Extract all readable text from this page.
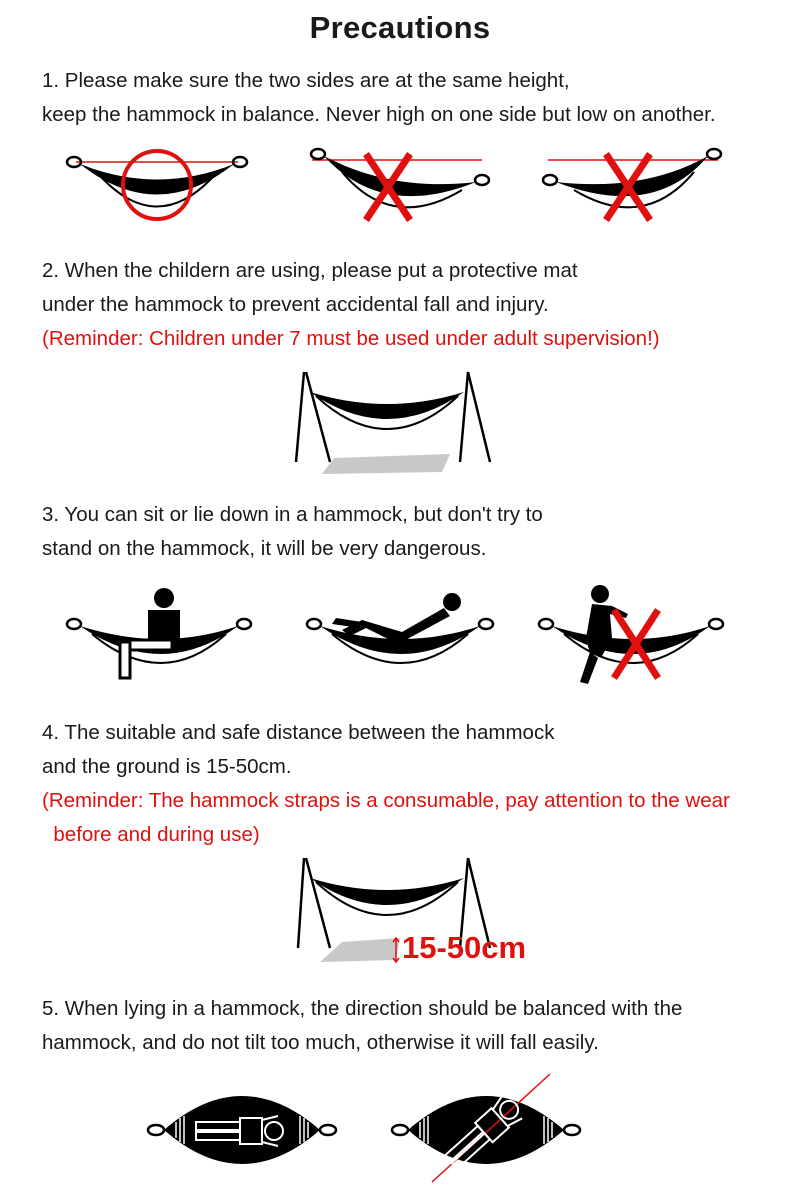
Precautions
1. Please make sure the two sides are at the same height,
keep the hammock in balance. Never high on one side but low on another.
2. When the childern are using, please put a protective mat
under the hammock to prevent accidental fall and injury.
(Reminder: Children under 7 must be used under adult supervision!)
3. You can sit or lie down in a hammock, but don't try to
stand on the hammock, it will be very dangerous.
4. The suitable and safe distance between the hammock
and the ground is 15-50cm.
(Reminder: The hammock straps is a consumable, pay attention to the wear
before and during use)
15-50cm
5. When lying in a hammock, the direction should be balanced with the
hammock, and do not tilt too much, otherwise it will fall easily.
